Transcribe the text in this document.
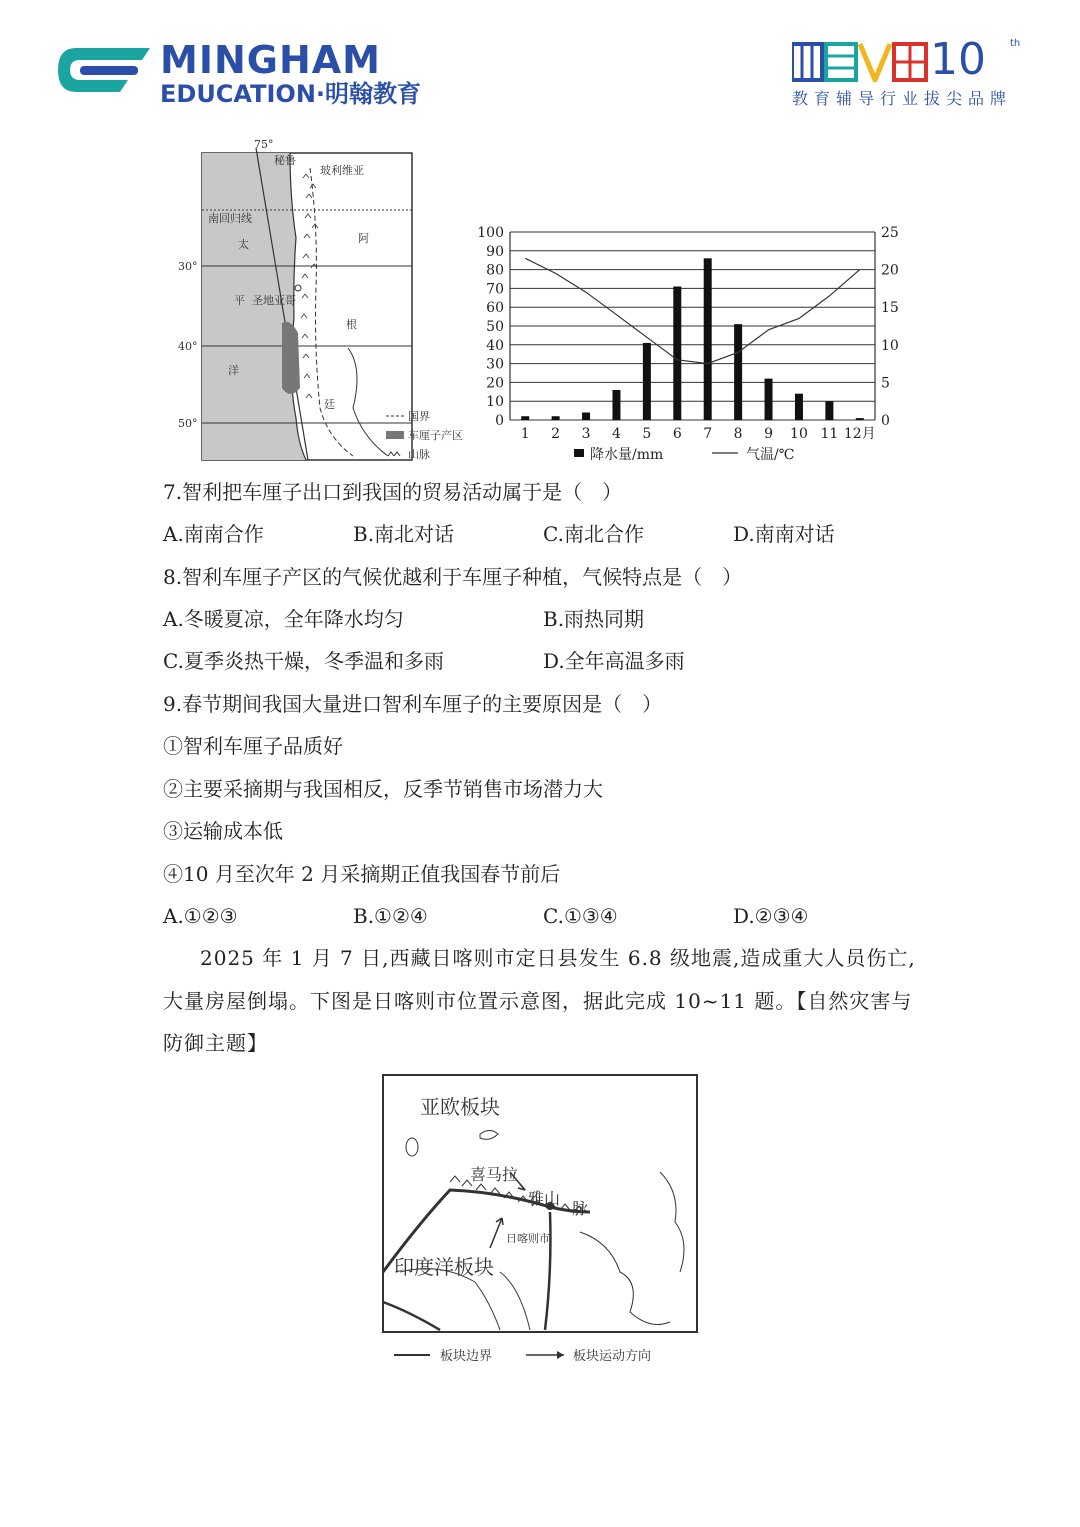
MINGHAM
EDUCATION·明翰教育
10 th
教育辅导行业拔尖品牌
75°
30°
40°
50°
秘鲁
玻利维亚
南回归线
太
平
洋
圣地亚哥
阿
根
廷
国界
车厘子产区
山脉
100
90
80
70
60
50
40
30
20
10
0
25
20
15
10
5
0
1 2 3 4 5 6 7 8 9 10 11 12月
降水量/mm	气温/℃
7.智利把车厘子出口到我国的贸易活动属于是（　）
A.南南合作	B.南北对话	C.南北合作	D.南南对话
8.智利车厘子产区的气候优越利于车厘子种植，气候特点是（　）
A.冬暖夏凉，全年降水均匀	B.雨热同期
C.夏季炎热干燥，冬季温和多雨	D.全年高温多雨
9.春节期间我国大量进口智利车厘子的主要原因是（　）
①智利车厘子品质好
②主要采摘期与我国相反，反季节销售市场潜力大
③运输成本低
④10 月至次年 2 月采摘期正值我国春节前后
A.①②③	B.①②④	C.①③④	D.②③④
2025 年 1 月 7 日,西藏日喀则市定日县发生 6.8 级地震,造成重大人员伤亡,
大量房屋倒塌。下图是日喀则市位置示意图，据此完成 10~11 题。【自然灾害与
防御主题】
亚欧板块
喜马拉
雅山
脉
日喀则市
印度洋板块
板块边界	板块运动方向
